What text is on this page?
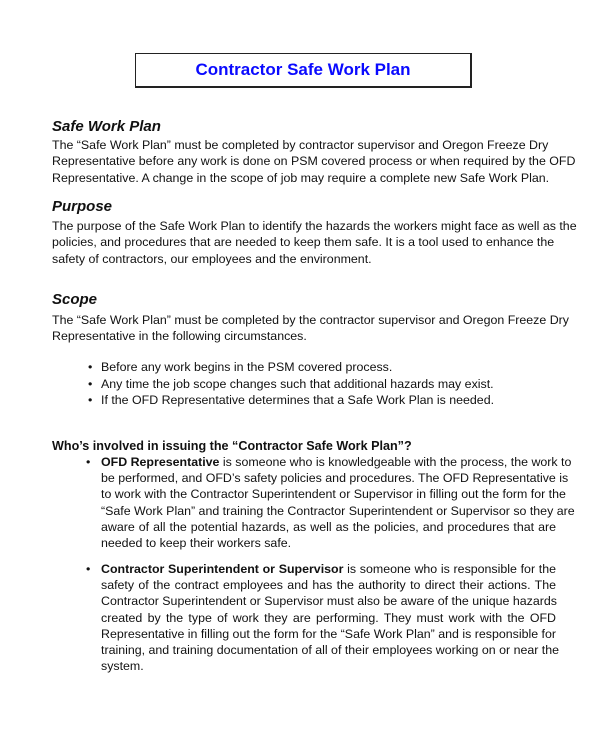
Contractor Safe Work Plan
Safe Work Plan
The “Safe Work Plan” must be completed by contractor supervisor and Oregon Freeze Dry
Representative before any work is done on PSM covered process or when required by the OFD
Representative. A change in the scope of job may require a complete new Safe Work Plan.
Purpose
The purpose of the Safe Work Plan to identify the hazards the workers might face as well as the
policies, and procedures that are needed to keep them safe. It is a tool used to enhance the
safety of contractors, our employees and the environment.
Scope
The “Safe Work Plan” must be completed by the contractor supervisor and Oregon Freeze Dry
Representative in the following circumstances.
• Before any work begins in the PSM covered process.
• Any time the job scope changes such that additional hazards may exist.
• If the OFD Representative determines that a Safe Work Plan is needed.
Who’s involved in issuing the “Contractor Safe Work Plan”?
• OFD Representative is someone who is knowledgeable with the process, the work to
be performed, and OFD’s safety policies and procedures. The OFD Representative is
to work with the Contractor Superintendent or Supervisor in filling out the form for the
“Safe Work Plan” and training the Contractor Superintendent or Supervisor so they are
aware of all the potential hazards, as well as the policies, and procedures that are
needed to keep their workers safe.
• Contractor Superintendent or Supervisor is someone who is responsible for the
safety of the contract employees and has the authority to direct their actions. The
Contractor Superintendent or Supervisor must also be aware of the unique hazards
created by the type of work they are performing. They must work with the OFD
Representative in filling out the form for the “Safe Work Plan” and is responsible for
training, and training documentation of all of their employees working on or near the
system.
